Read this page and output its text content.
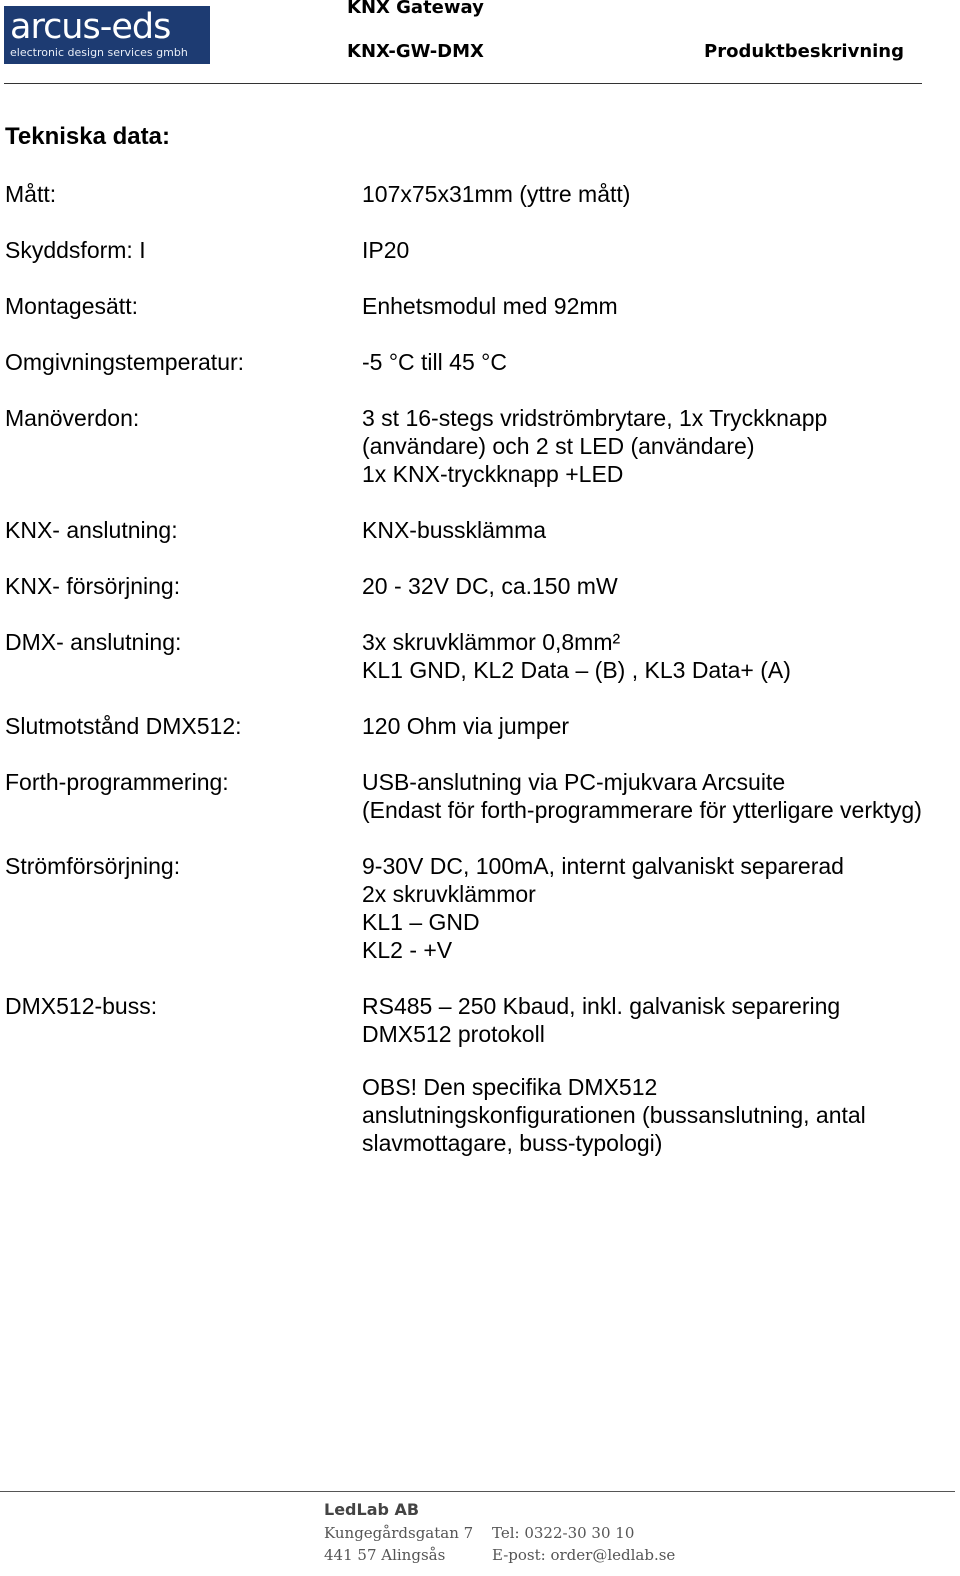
arcus-eds
electronic design services gmbh
KNX Gateway
KNX-GW-DMX	Produktbeskrivning
Tekniska data:
Mått:	107x75x31mm (yttre mått)
Skyddsform: I	IP20
Montagesätt:	Enhetsmodul med 92mm
Omgivningstemperatur:	-5 °C till 45 °C
Manöverdon:	3 st 16-stegs vridströmbrytare, 1x Tryckknapp
(användare) och 2 st LED (användare)
1x KNX-tryckknapp +LED
KNX- anslutning:	KNX-bussklämma
KNX- försörjning:	20 - 32V DC, ca.150 mW
DMX- anslutning:	3x skruvklämmor 0,8mm²
KL1 GND, KL2 Data – (B) , KL3 Data+ (A)
Slutmotstånd DMX512:	120 Ohm via jumper
Forth-programmering:	USB-anslutning via PC-mjukvara Arcsuite
(Endast för forth-programmerare för ytterligare verktyg)
Strömförsörjning:	9-30V DC, 100mA, internt galvaniskt separerad
2x skruvklämmor
KL1 – GND
KL2 - +V
DMX512-buss:	RS485 – 250 Kbaud, inkl. galvanisk separering
DMX512 protokoll
OBS! Den specifika DMX512
anslutningskonfigurationen (bussanslutning, antal
slavmottagare, buss-typologi)
LedLab AB
Kungegårdsgatan 7
441 57 Alingsås
Tel: 0322-30 30 10
E-post: order@ledlab.se
